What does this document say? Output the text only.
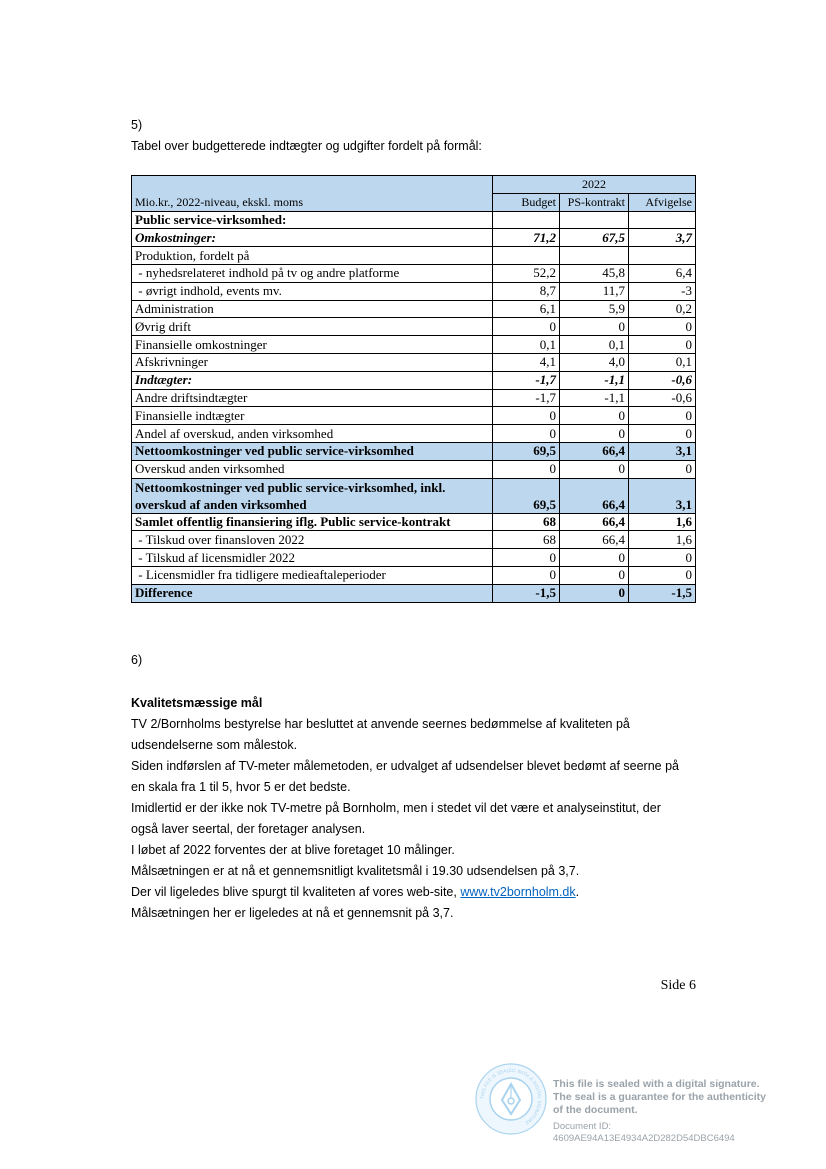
5)
Tabel over budgetterede indtægter og udgifter fordelt på formål:
	2022		
Mio.kr., 2022-niveau, ekskl. moms	Budget	PS-kontrakt	Afvigelse
Public service-virksomhed:			
Omkostninger:	71,2	67,5	3,7
Produktion, fordelt på			
- nyhedsrelateret indhold på tv og andre platforme	52,2	45,8	6,4
- øvrigt indhold, events mv.	8,7	11,7	-3
Administration	6,1	5,9	0,2
Øvrig drift	0	0	0
Finansielle omkostninger	0,1	0,1	0
Afskrivninger	4,1	4,0	0,1
Indtægter:	-1,7	-1,1	-0,6
Andre driftsindtægter	-1,7	-1,1	-0,6
Finansielle indtægter	0	0	0
Andel af overskud, anden virksomhed	0	0	0
Nettoomkostninger ved public service-virksomhed	69,5	66,4	3,1
Overskud anden virksomhed	0	0	0
Nettoomkostninger ved public service-virksomhed, inkl. overskud af anden virksomhed	69,5	66,4	3,1
Samlet offentlig finansiering iflg. Public service-kontrakt	68	66,4	1,6
- Tilskud over finansloven 2022	68	66,4	1,6
- Tilskud af licensmidler 2022	0	0	0
- Licensmidler fra tidligere medieaftaleperioder	0	0	0
Difference	-1,5	0	-1,5
6)
Kvalitetsmæssige mål
TV 2/Bornholms bestyrelse har besluttet at anvende seernes bedømmelse af kvaliteten på
udsendelserne som målestok.
Siden indførslen af TV-meter målemetoden, er udvalget af udsendelser blevet bedømt af seerne på
en skala fra 1 til 5, hvor 5 er det bedste.
Imidlertid er der ikke nok TV-metre på Bornholm, men i stedet vil det være et analyseinstitut, der
også laver seertal, der foretager analysen.
I løbet af 2022 forventes der at blive foretaget 10 målinger.
Målsætningen er at nå et gennemsnitligt kvalitetsmål i 19.30 udsendelsen på 3,7.
Der vil ligeledes blive spurgt til kvaliteten af vores web-site, www.tv2bornholm.dk.
Målsætningen her er ligeledes at nå et gennemsnit på 3,7.
Side 6
THIS FILE IS SEALED WITH A DIGITAL SIGNATURE
This file is sealed with a digital signature.
The seal is a guarantee for the authenticity
of the document.
Document ID:
4609AE94A13E4934A2D282D54DBC6494
